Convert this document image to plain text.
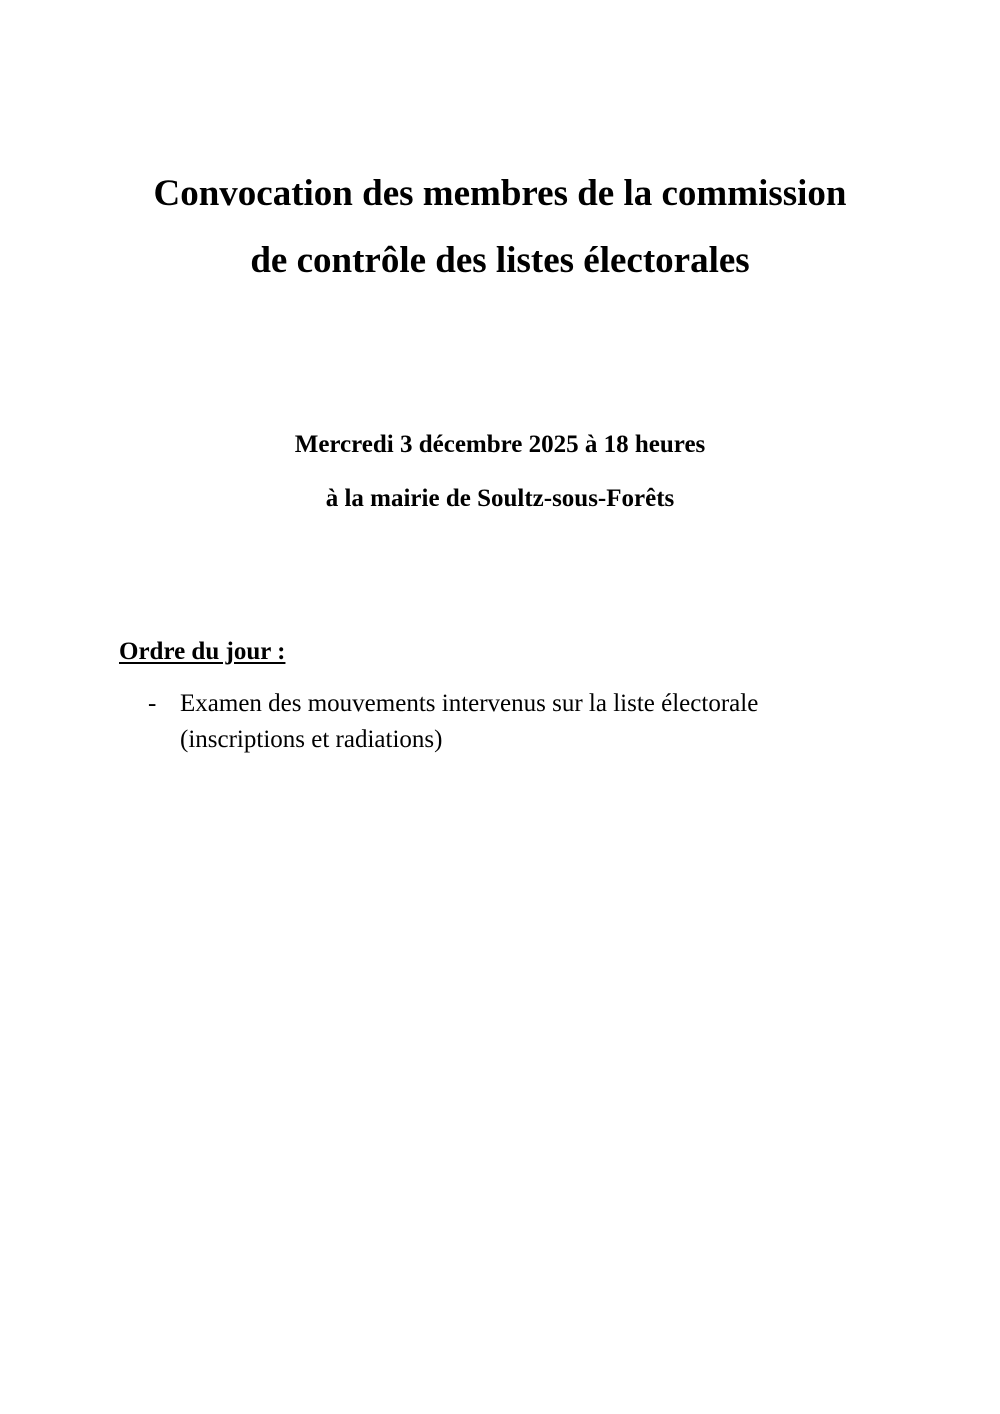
Convocation des membres de la commission
de contrôle des listes électorales
Mercredi 3 décembre 2025 à 18 heures
à la mairie de Soultz-sous-Forêts
Ordre du jour :
- Examen des mouvements intervenus sur la liste électorale
(inscriptions et radiations)
